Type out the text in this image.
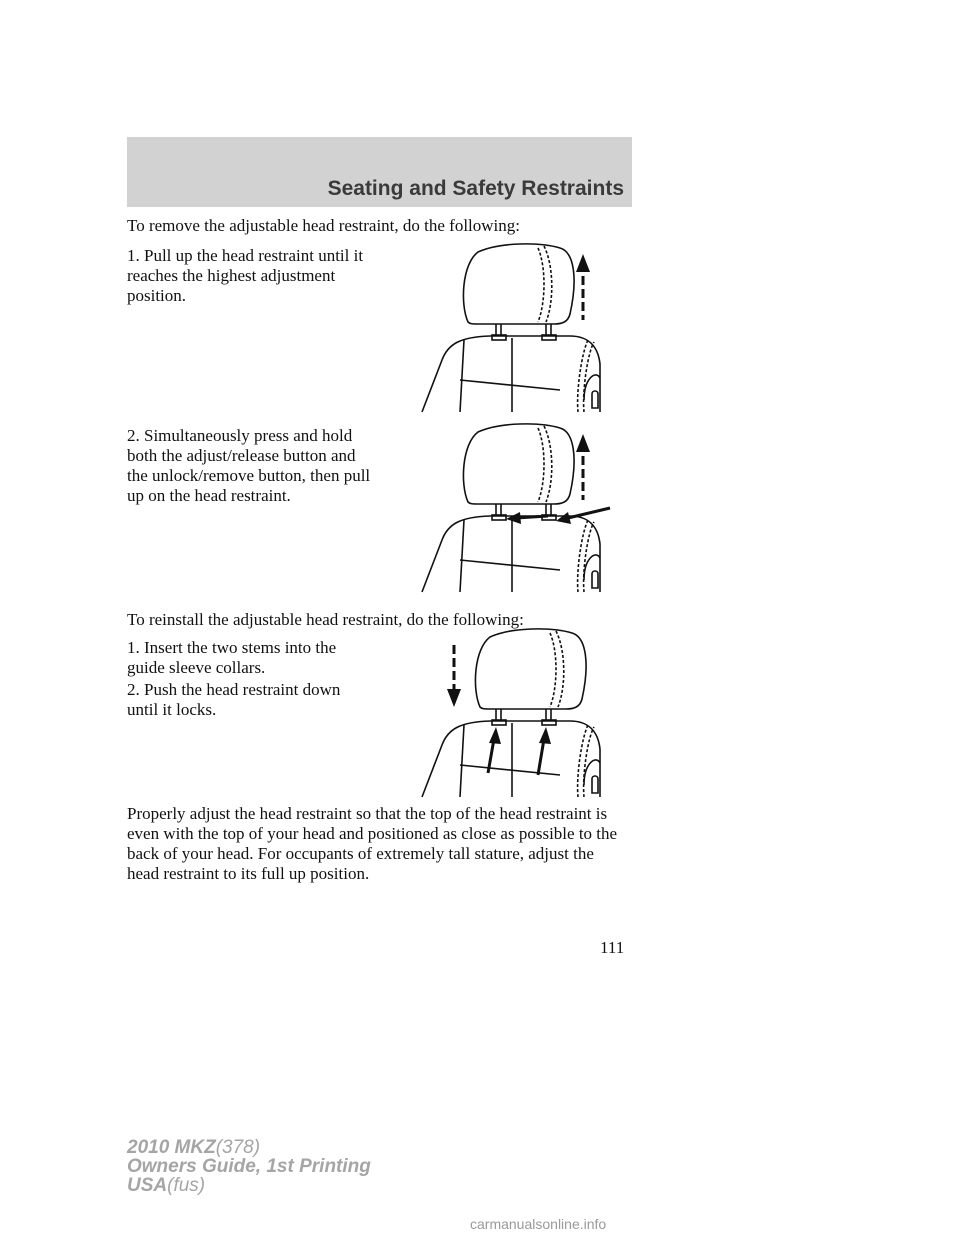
Seating and Safety Restraints

To remove the adjustable head restraint, do the following:

1. Pull up the head restraint until it
reaches the highest adjustment
position.

2. Simultaneously press and hold
both the adjust/release button and
the unlock/remove button, then pull
up on the head restraint.

To reinstall the adjustable head restraint, do the following:

1. Insert the two stems into the
guide sleeve collars.

2. Push the head restraint down
until it locks.

Properly adjust the head restraint so that the top of the head restraint is
even with the top of your head and positioned as close as possible to the
back of your head. For occupants of extremely tall stature, adjust the
head restraint to its full up position.

111
2010 MKZ(378)
Owners Guide, 1st Printing
USA(fus)
carmanualsonline.info
